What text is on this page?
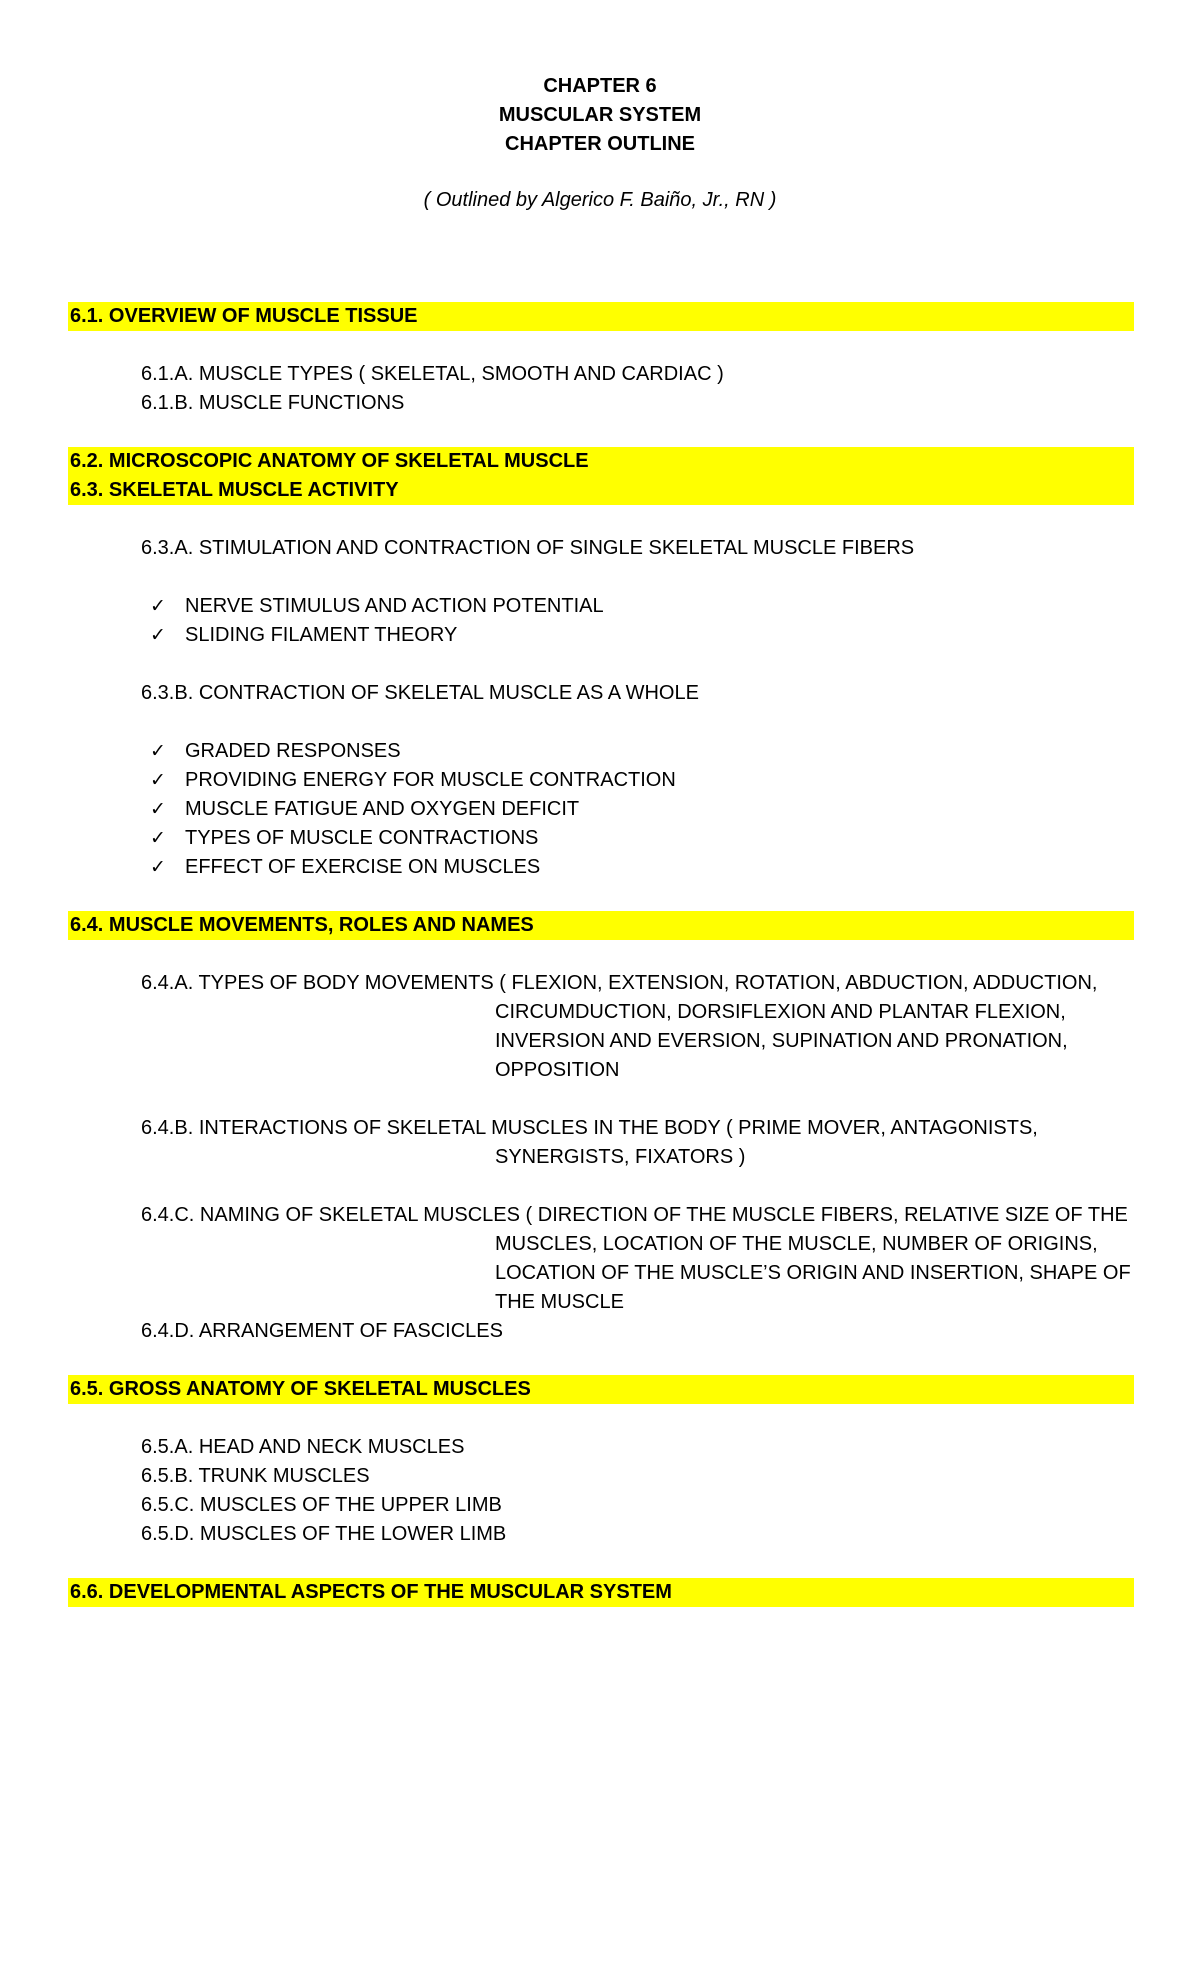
CHAPTER 6
MUSCULAR SYSTEM
CHAPTER OUTLINE
( Outlined by Algerico F. Baiño, Jr., RN )
6.1. OVERVIEW OF MUSCLE TISSUE
6.1.A. MUSCLE TYPES ( SKELETAL, SMOOTH AND CARDIAC )
6.1.B. MUSCLE FUNCTIONS
6.2. MICROSCOPIC ANATOMY OF SKELETAL MUSCLE
6.3. SKELETAL MUSCLE ACTIVITY
6.3.A. STIMULATION AND CONTRACTION OF SINGLE SKELETAL MUSCLE FIBERS
✓ NERVE STIMULUS AND ACTION POTENTIAL
✓ SLIDING FILAMENT THEORY
6.3.B. CONTRACTION OF SKELETAL MUSCLE AS A WHOLE
✓ GRADED RESPONSES
✓ PROVIDING ENERGY FOR MUSCLE CONTRACTION
✓ MUSCLE FATIGUE AND OXYGEN DEFICIT
✓ TYPES OF MUSCLE CONTRACTIONS
✓ EFFECT OF EXERCISE ON MUSCLES
6.4. MUSCLE MOVEMENTS, ROLES AND NAMES
6.4.A. TYPES OF BODY MOVEMENTS ( FLEXION, EXTENSION, ROTATION, ABDUCTION, ADDUCTION,
CIRCUMDUCTION, DORSIFLEXION AND PLANTAR FLEXION,
INVERSION AND EVERSION, SUPINATION AND PRONATION,
OPPOSITION
6.4.B. INTERACTIONS OF SKELETAL MUSCLES IN THE BODY ( PRIME MOVER, ANTAGONISTS,
SYNERGISTS, FIXATORS )
6.4.C. NAMING OF SKELETAL MUSCLES ( DIRECTION OF THE MUSCLE FIBERS, RELATIVE SIZE OF THE
MUSCLES, LOCATION OF THE MUSCLE, NUMBER OF ORIGINS,
LOCATION OF THE MUSCLE’S ORIGIN AND INSERTION, SHAPE OF
THE MUSCLE
6.4.D. ARRANGEMENT OF FASCICLES
6.5. GROSS ANATOMY OF SKELETAL MUSCLES
6.5.A. HEAD AND NECK MUSCLES
6.5.B. TRUNK MUSCLES
6.5.C. MUSCLES OF THE UPPER LIMB
6.5.D. MUSCLES OF THE LOWER LIMB
6.6. DEVELOPMENTAL ASPECTS OF THE MUSCULAR SYSTEM
